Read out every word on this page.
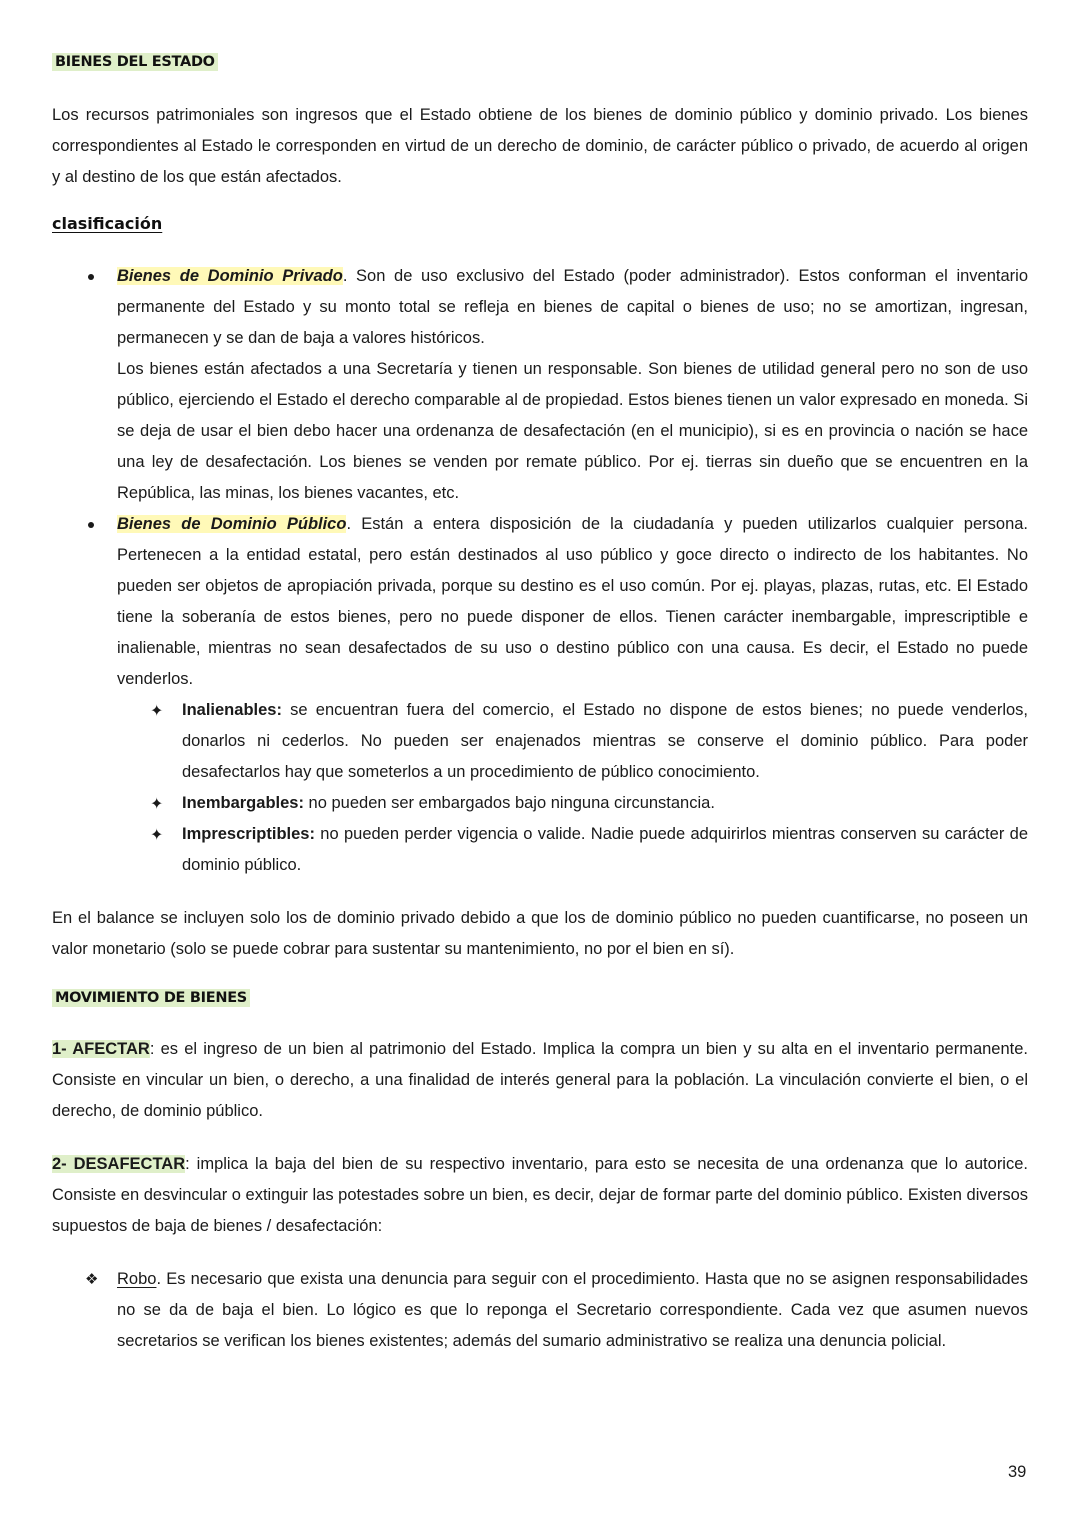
BIENES DEL ESTADO

Los recursos patrimoniales son ingresos que el Estado obtiene de los bienes de dominio público y dominio privado. Los bienes correspondientes al Estado le corresponden en virtud de un derecho de dominio, de carácter público o privado, de acuerdo al origen y al destino de los que están afectados.

clasificación

Bienes de Dominio Privado. Son de uso exclusivo del Estado (poder administrador). Estos conforman el inventario permanente del Estado y su monto total se refleja en bienes de capital o bienes de uso; no se amortizan, ingresan, permanecen y se dan de baja a valores históricos.

Los bienes están afectados a una Secretaría y tienen un responsable. Son bienes de utilidad general pero no son de uso público, ejerciendo el Estado el derecho comparable al de propiedad. Estos bienes tienen un valor expresado en moneda. Si se deja de usar el bien debo hacer una ordenanza de desafectación (en el municipio), si es en provincia o nación se hace una ley de desafectación. Los bienes se venden por remate público. Por ej. tierras sin dueño que se encuentren en la República, las minas, los bienes vacantes, etc.

Bienes de Dominio Público. Están a entera disposición de la ciudadanía y pueden utilizarlos cualquier persona. Pertenecen a la entidad estatal, pero están destinados al uso público y goce directo o indirecto de los habitantes. No pueden ser objetos de apropiación privada, porque su destino es el uso común. Por ej. playas, plazas, rutas, etc. El Estado tiene la soberanía de estos bienes, pero no puede disponer de ellos. Tienen carácter inembargable, imprescriptible e inalienable, mientras no sean desafectados de su uso o destino público con una causa. Es decir, el Estado no puede venderlos.

✦ Inalienables: se encuentran fuera del comercio, el Estado no dispone de estos bienes; no puede venderlos, donarlos ni cederlos. No pueden ser enajenados mientras se conserve el dominio público. Para poder desafectarlos hay que someterlos a un procedimiento de público conocimiento.

✦ Inembargables: no pueden ser embargados bajo ninguna circunstancia.

✦ Imprescriptibles: no pueden perder vigencia o valide. Nadie puede adquirirlos mientras conserven su carácter de dominio público.

En el balance se incluyen solo los de dominio privado debido a que los de dominio público no pueden cuantificarse, no poseen un valor monetario (solo se puede cobrar para sustentar su mantenimiento, no por el bien en sí).

MOVIMIENTO DE BIENES

1- AFECTAR: es el ingreso de un bien al patrimonio del Estado. Implica la compra un bien y su alta en el inventario permanente. Consiste en vincular un bien, o derecho, a una finalidad de interés general para la población. La vinculación convierte el bien, o el derecho, de dominio público.

2- DESAFECTAR: implica la baja del bien de su respectivo inventario, para esto se necesita de una ordenanza que lo autorice. Consiste en desvincular o extinguir las potestades sobre un bien, es decir, dejar de formar parte del dominio público. Existen diversos supuestos de baja de bienes / desafectación:

❖ Robo. Es necesario que exista una denuncia para seguir con el procedimiento. Hasta que no se asignen responsabilidades no se da de baja el bien. Lo lógico es que lo reponga el Secretario correspondiente. Cada vez que asumen nuevos secretarios se verifican los bienes existentes; además del sumario administrativo se realiza una denuncia policial.

39
